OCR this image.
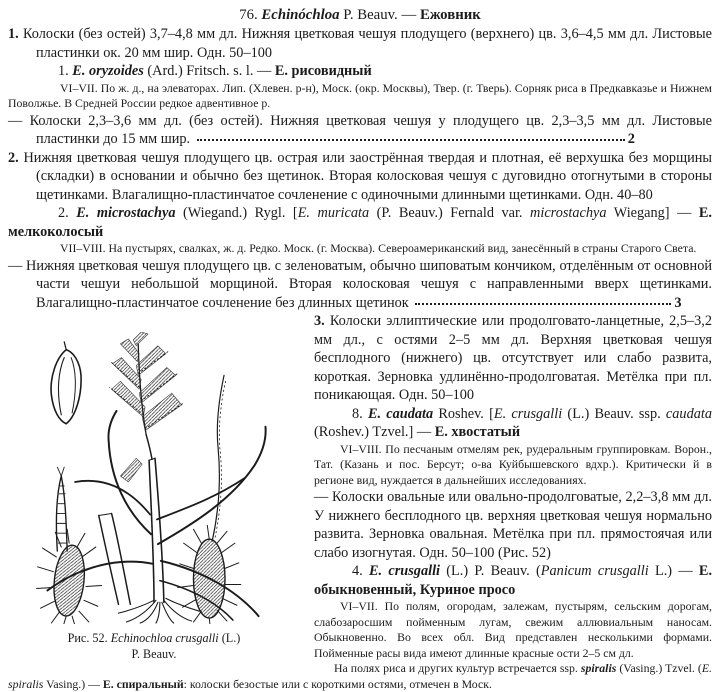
76. Echinóchloa P. Beauv. — Ежовник

1. Колоски (без остей) 3,7–4,8 мм дл. Нижняя цветковая чешуя плодущего (верхнего) цв. 3,6–4,5 мм дл. Листовые пластинки ок. 20 мм шир. Одн. 50–100

1. E. oryzoides (Ard.) Fritsch. s. l. — Е. рисовидный

VI–VII. По ж. д., на элеваторах. Лип. (Хлевен. р-н), Моск. (окр. Москвы), Твер. (г. Тверь). Сорняк риса в Предкавказье и Нижнем Поволжье. В Средней России редкое адвентивное р.

— Колоски 2,3–3,6 мм дл. (без остей). Нижняя цветковая чешуя у плодущего цв. 2,3–3,5 мм дл. Листовые пластинки до 15 мм шир.	2

2. Нижняя цветковая чешуя плодущего цв. острая или заострённая твердая и плотная, её верхушка без морщины (складки) в основании и обычно без щетинок. Вторая колосковая чешуя с дуговидно отогнутыми в стороны щетинками. Влагалищно-пластинчатое сочленение с одиночными длинными щетинками. Одн. 40–80

2. E. microstachya (Wiegand.) Rygl. [E. muricata (P. Beauv.) Fernald var. microstachya Wiegang] — Е. мелкоколосый

VII–VIII. На пустырях, свалках, ж. д. Редко. Моск. (г. Москва). Североамериканский вид, занесённый в страны Старого Света.

— Нижняя цветковая чешуя плодущего цв. с зеленоватым, обычно шиповатым кончиком, отделённым от основной части чешуи небольшой морщиной. Вторая колосковая чешуя с направленными вверх щетинками. Влагалищно-пластинчатое сочленение без длинных щетинок	3

Рис. 52. Echinochloa crusgalli (L.)
P. Beauv.
3. Колоски эллиптические или продолговато-ланцетные, 2,5–3,2 мм дл., с остями 2–5 мм дл. Верхняя цветковая чешуя бесплодного (нижнего) цв. отсутствует или слабо развита, короткая. Зерновка удлинённо-продолговатая. Метёлка при пл. поникающая. Одн. 50–100

8. E. caudata Roshev. [E. crusgalli (L.) Beauv. ssp. caudata (Roshev.) Tzvel.] — Е. хвостатый

VI–VIII. По песчаным отмелям рек, рудеральным группировкам. Ворон., Тат. (Казань и пос. Берсут; о-ва Куйбышевского вдхр.). Критически й в регионе вид, нуждается в дальнейших исследованиях.

— Колоски овальные или овально-продолговатые, 2,2–3,8 мм дл. У нижнего бесплодного цв. верхняя цветковая чешуя нормально развита. Зерновка овальная. Метёлка при пл. прямостоячая или слабо изогнутая. Одн. 50–100 (Рис. 52)

4. E. crusgalli (L.) P. Beauv. (Panicum crusgalli L.) — Е. обыкновенный, Куриное просо

VI–VII. По полям, огородам, залежам, пустырям, сельским дорогам, слабозаросшим пойменным лугам, свежим аллювиальным наносам. Обыкновенно. Во всех обл. Вид представлен несколькими формами. Пойменные расы вида имеют длинные красные ости 2–5 см дл.

На полях риса и других культур встречается ssp. spiralis (Vasing.) Tzvel. (E. spiralis Vasing.) — Е. спиральный: колоски безостые или с короткими остями, отмечен в Моск.
